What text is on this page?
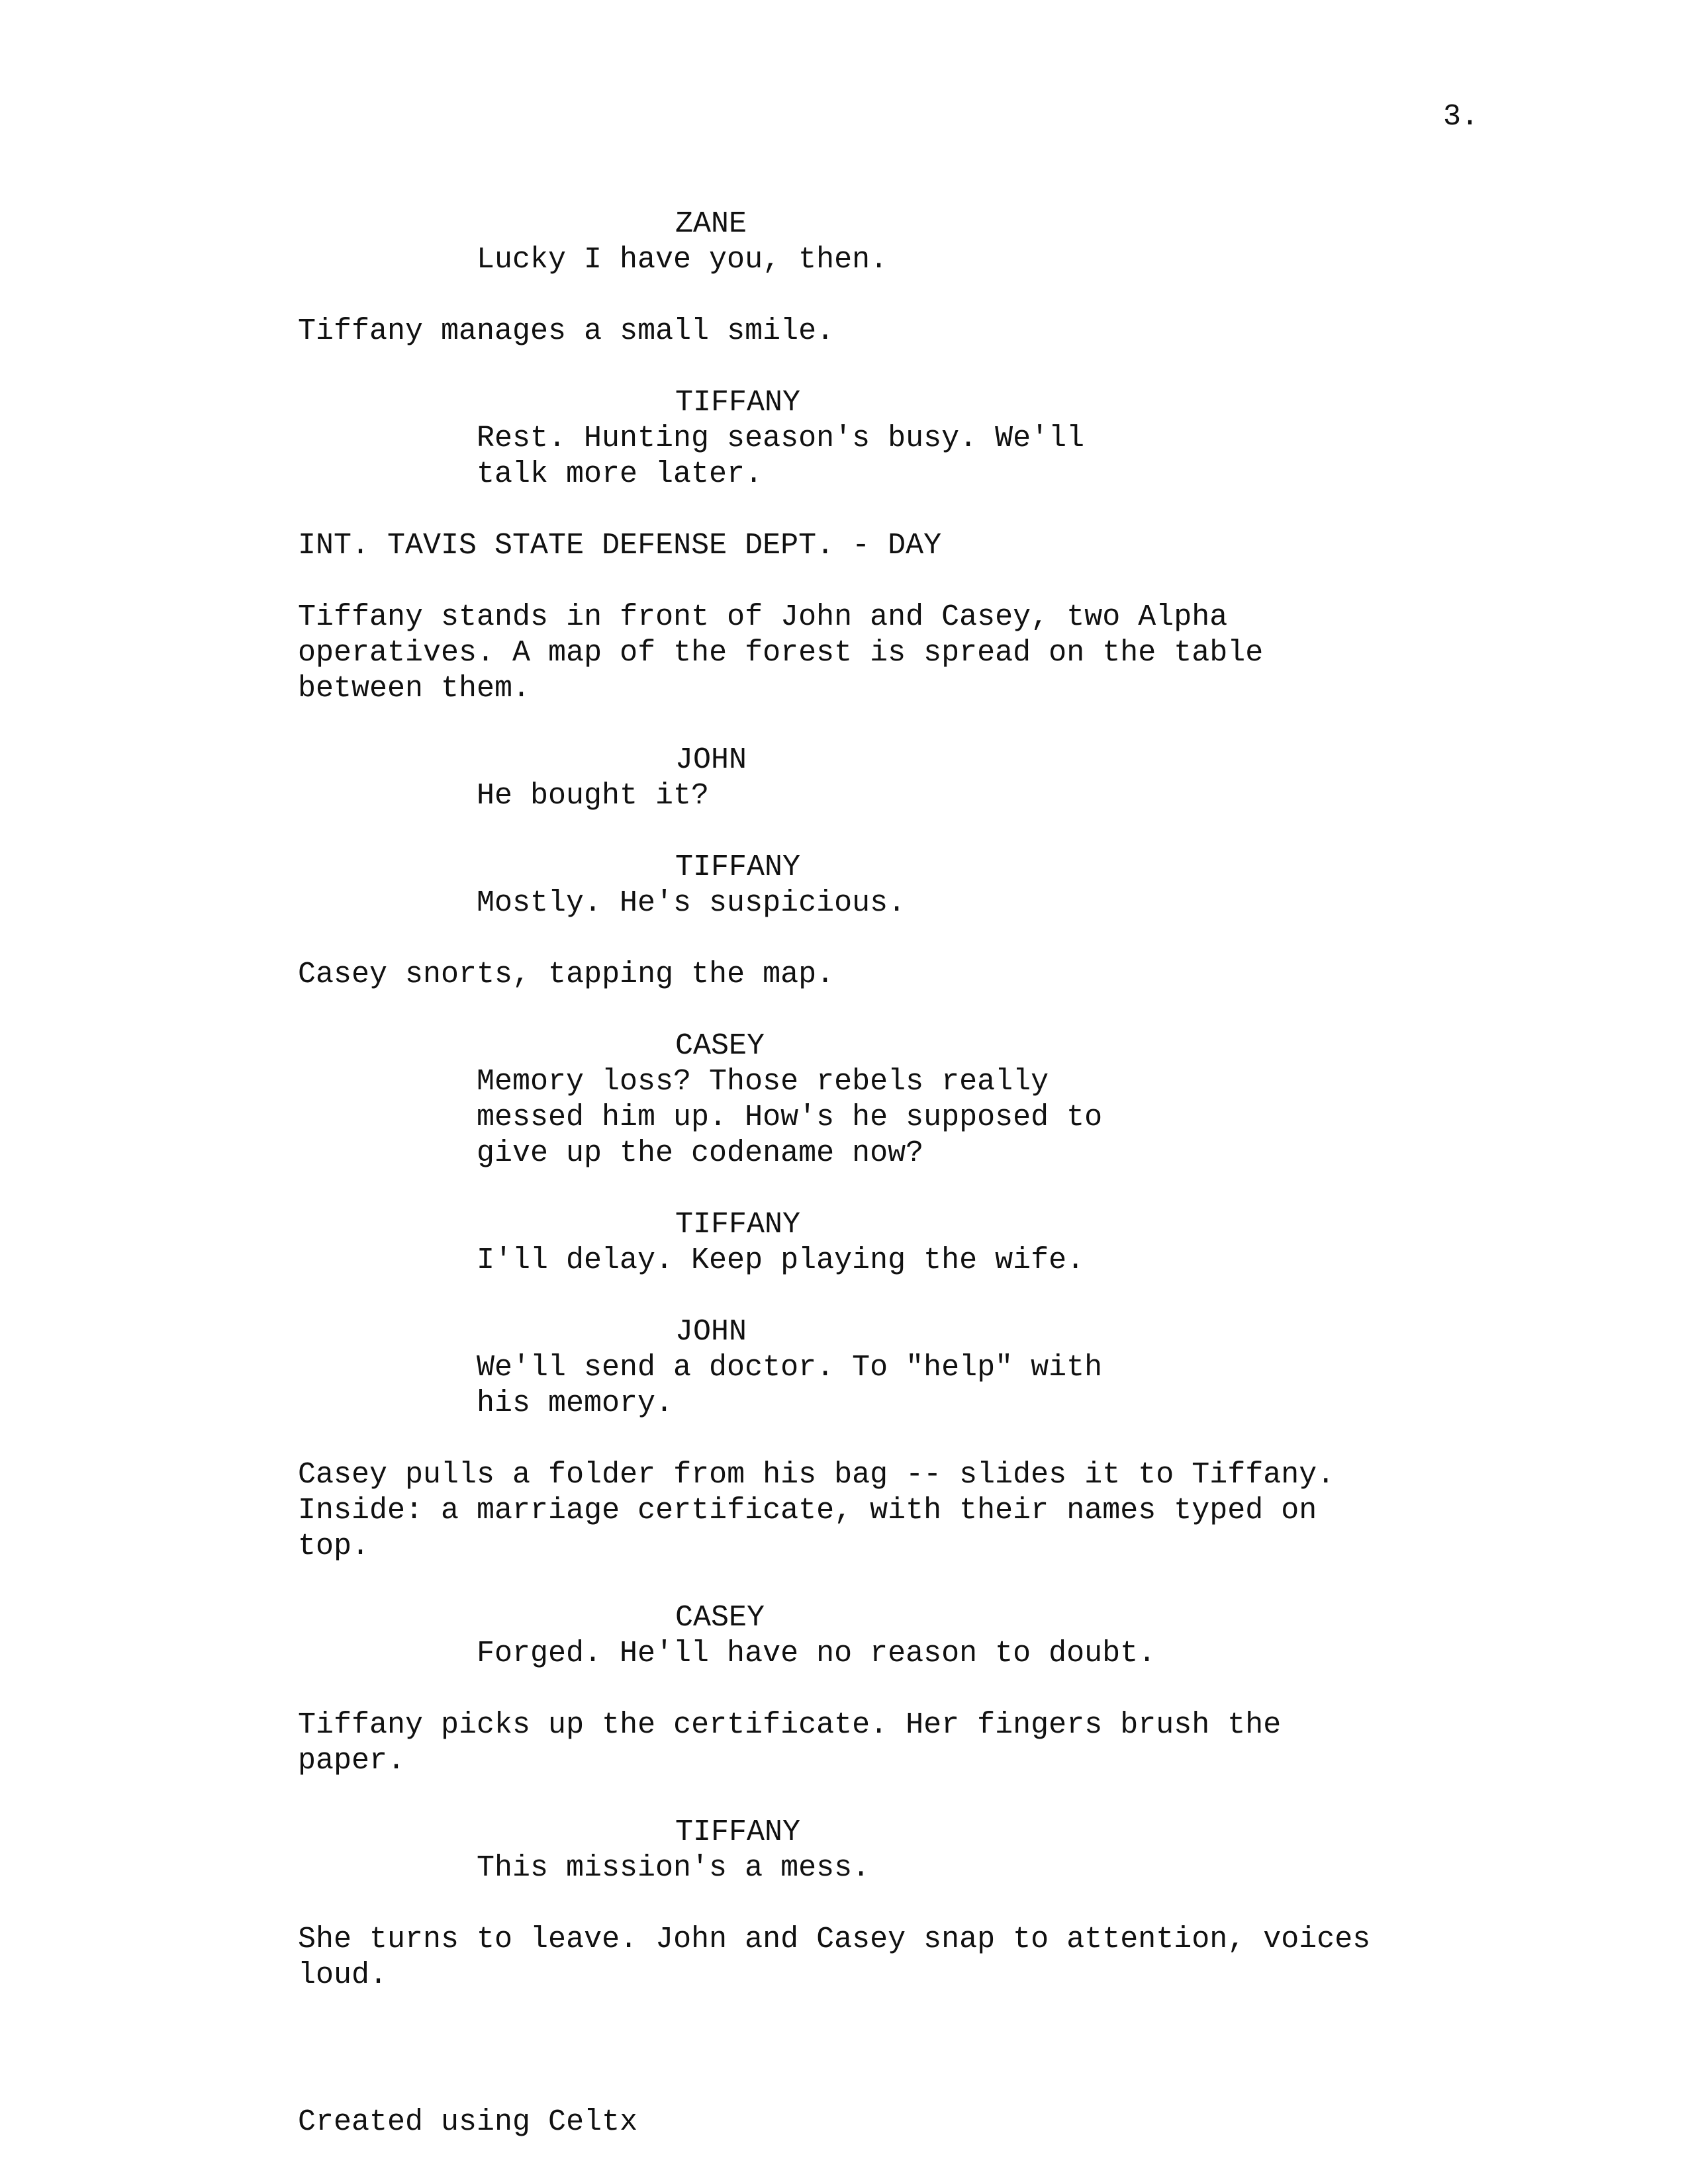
3.
ZANE
Lucky I have you, then.
Tiffany manages a small smile.
TIFFANY
Rest. Hunting season's busy. We'll
talk more later.
INT. TAVIS STATE DEFENSE DEPT. - DAY
Tiffany stands in front of John and Casey, two Alpha
operatives. A map of the forest is spread on the table
between them.
JOHN
He bought it?
TIFFANY
Mostly. He's suspicious.
Casey snorts, tapping the map.
CASEY
Memory loss? Those rebels really
messed him up. How's he supposed to
give up the codename now?
TIFFANY
I'll delay. Keep playing the wife.
JOHN
We'll send a doctor. To "help" with
his memory.
Casey pulls a folder from his bag -- slides it to Tiffany.
Inside: a marriage certificate, with their names typed on
top.
CASEY
Forged. He'll have no reason to doubt.
Tiffany picks up the certificate. Her fingers brush the
paper.
TIFFANY
This mission's a mess.
She turns to leave. John and Casey snap to attention, voices
loud.
Created using Celtx
